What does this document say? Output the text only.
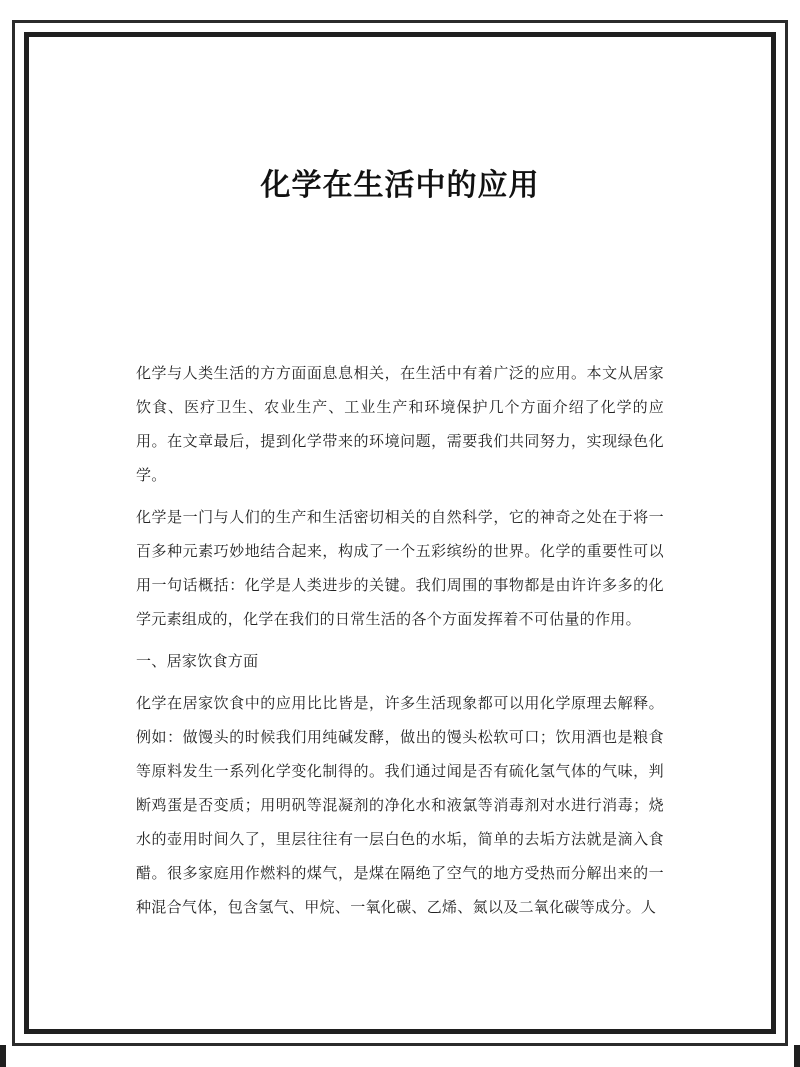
化学在生活中的应用

化学与人类生活的方方面面息息相关，在生活中有着广泛的应用。本文从居家饮食、医疗卫生、农业生产、工业生产和环境保护几个方面介绍了化学的应用。在文章最后，提到化学带来的环境问题，需要我们共同努力，实现绿色化学。

化学是一门与人们的生产和生活密切相关的自然科学，它的神奇之处在于将一百多种元素巧妙地结合起来，构成了一个五彩缤纷的世界。化学的重要性可以用一句话概括：化学是人类进步的关键。我们周围的事物都是由许许多多的化学元素组成的，化学在我们的日常生活的各个方面发挥着不可估量的作用。

一、居家饮食方面

化学在居家饮食中的应用比比皆是，许多生活现象都可以用化学原理去解释。例如：做馒头的时候我们用纯碱发酵，做出的馒头松软可口；饮用酒也是粮食等原料发生一系列化学变化制得的。我们通过闻是否有硫化氢气体的气味，判断鸡蛋是否变质；用明矾等混凝剂的净化水和液氯等消毒剂对水进行消毒；烧水的壶用时间久了，里层往往有一层白色的水垢，简单的去垢方法就是滴入食醋。很多家庭用作燃料的煤气，是煤在隔绝了空气的地方受热而分解出来的一种混合气体，包含氢气、甲烷、一氧化碳、乙烯、氮以及二氧化碳等成分。人
